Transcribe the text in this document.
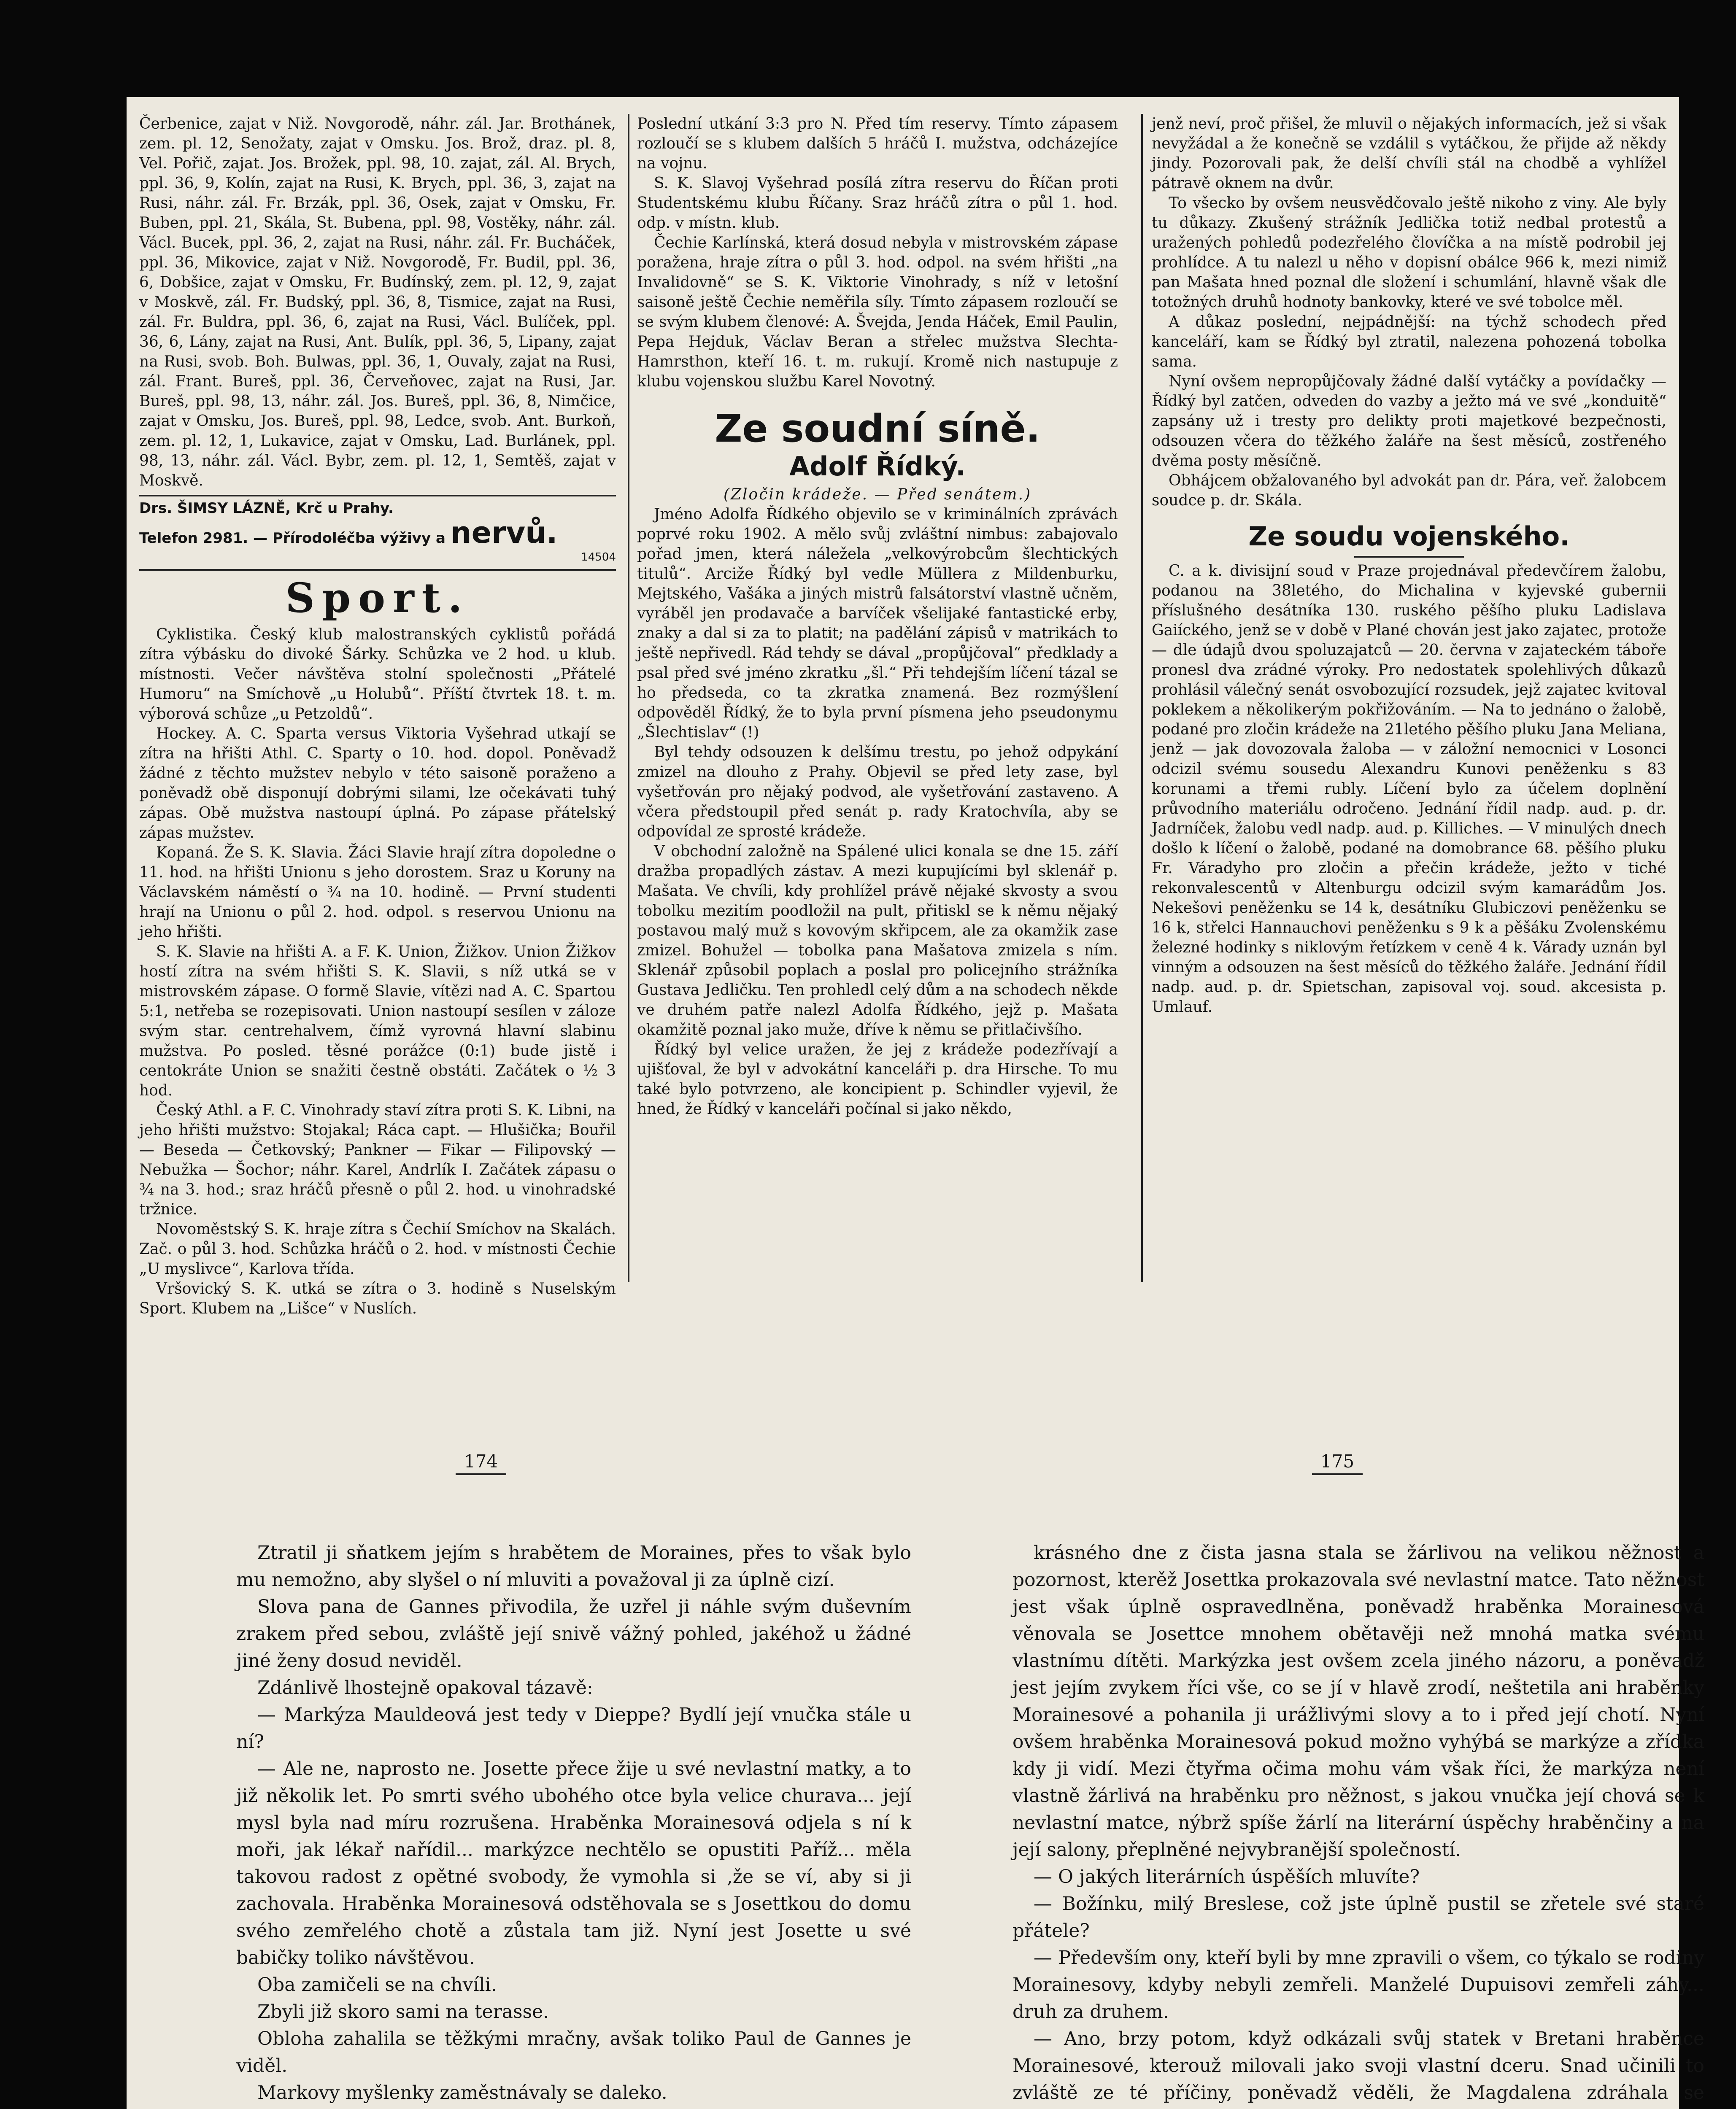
Čerbenice, zajat v Niž. Novgorodě, náhr. zál. Jar. Brothánek, zem. pl. 12, Senožaty, zajat v Omsku. Jos. Brož, draz. pl. 8, Vel. Pořič, zajat. Jos. Brožek, ppl. 98, 10. zajat, zál. Al. Brych, ppl. 36, 9, Kolín, zajat na Rusi, K. Brych, ppl. 36, 3, zajat na Rusi, náhr. zál. Fr. Brzák, ppl. 36, Osek, zajat v Omsku, Fr. Buben, ppl. 21, Skála, St. Bubena, ppl. 98, Vostěky, náhr. zál. Václ. Bucek, ppl. 36, 2, zajat na Rusi, náhr. zál. Fr. Bucháček, ppl. 36, Mikovice, zajat v Niž. Novgorodě, Fr. Budil, ppl. 36, 6, Dobšice, zajat v Omsku, Fr. Budínský, zem. pl. 12, 9, zajat v Moskvě, zál. Fr. Budský, ppl. 36, 8, Tismice, zajat na Rusi, zál. Fr. Buldra, ppl. 36, 6, zajat na Rusi, Václ. Bulíček, ppl. 36, 6, Lány, zajat na Rusi, Ant. Bulík, ppl. 36, 5, Lipany, zajat na Rusi, svob. Boh. Bulwas, ppl. 36, 1, Ouvaly, zajat na Rusi, zál. Frant. Bureš, ppl. 36, Červeňovec, zajat na Rusi, Jar. Bureš, ppl. 98, 13, náhr. zál. Jos. Bureš, ppl. 36, 8, Nimčice, zajat v Omsku, Jos. Bureš, ppl. 98, Ledce, svob. Ant. Burkoň, zem. pl. 12, 1, Lukavice, zajat v Omsku, Lad. Burlánek, ppl. 98, 13, náhr. zál. Václ. Bybr, zem. pl. 12, 1, Semtěš, zajat v Moskvě.

Drs. ŠIMSY LÁZNĚ, Krč u Prahy.
Telefon 2981. — Přírodoléčba výživy a nervů.
14504
Sport.

Cyklistika. Český klub malostranských cyklistů pořádá zítra výbásku do divoké Šárky. Schůzka ve 2 hod. u klub. místnosti. Večer návštěva stolní společnosti „Přátelé Humoru“ na Smíchově „u Holubů“. Příští čtvrtek 18. t. m. výborová schůze „u Petzoldů“.

Hockey. A. C. Sparta versus Viktoria Vyšehrad utkají se zítra na hřišti Athl. C. Sparty o 10. hod. dopol. Poněvadž žádné z těchto mužstev nebylo v této saisoně poraženo a poněvadž obě disponují dobrými silami, lze očekávati tuhý zápas. Obě mužstva nastoupí úplná. Po zápase přátelský zápas mužstev.

Kopaná. Že S. K. Slavia. Žáci Slavie hrají zítra dopoledne o 11. hod. na hřišti Unionu s jeho dorostem. Sraz u Koruny na Václavském náměstí o ¾ na 10. hodině. — První studenti hrají na Unionu o půl 2. hod. odpol. s reservou Unionu na jeho hřišti.

S. K. Slavie na hřišti A. a F. K. Union, Žižkov. Union Žižkov hostí zítra na svém hřišti S. K. Slavii, s níž utká se v mistrovském zápase. O formě Slavie, vítězi nad A. C. Spartou 5:1, netřeba se rozepisovati. Union nastoupí sesílen v záloze svým star. centrehalvem, čímž vyrovná hlavní slabinu mužstva. Po posled. těsné porážce (0:1) bude jistě i centokráte Union se snažiti čestně obstáti. Začátek o ½ 3 hod.

Český Athl. a F. C. Vinohrady staví zítra proti S. K. Libni, na jeho hřišti mužstvo: Stojakal; Ráca capt. — Hlušička; Bouřil — Beseda — Četkovský; Pankner — Fikar — Filipovský — Nebužka — Šochor; náhr. Karel, Andrlík I. Začátek zápasu o ¾ na 3. hod.; sraz hráčů přesně o půl 2. hod. u vinohradské tržnice.

Novoměstský S. K. hraje zítra s Čechií Smíchov na Skalách. Zač. o půl 3. hod. Schůzka hráčů o 2. hod. v místnosti Čechie „U myslivce“, Karlova třída.

Vršovický S. K. utká se zítra o 3. hodině s Nuselským Sport. Klubem na „Lišce“ v Nuslích.

Poslední utkání 3:3 pro N. Před tím reservy. Tímto zápasem rozloučí se s klubem dalších 5 hráčů I. mužstva, odcházejíce na vojnu.

S. K. Slavoj Vyšehrad posílá zítra reservu do Říčan proti Studentskému klubu Říčany. Sraz hráčů zítra o půl 1. hod. odp. v místn. klub.

Čechie Karlínská, která dosud nebyla v mistrovském zápase poražena, hraje zítra o půl 3. hod. odpol. na svém hřišti „na Invalidovně“ se S. K. Viktorie Vinohrady, s níž v letošní saisoně ještě Čechie neměřila síly. Tímto zápasem rozloučí se se svým klubem členové: A. Švejda, Jenda Háček, Emil Paulin, Pepa Hejduk, Václav Beran a střelec mužstva Slechta-Hamrsthon, kteří 16. t. m. rukují. Kromě nich nastupuje z klubu vojenskou službu Karel Novotný.

Ze soudní síně.
Adolf Řídký.
(Zločin krádeže. — Před senátem.)

Jméno Adolfa Řídkého objevilo se v kriminálních zprávách poprvé roku 1902. A mělo svůj zvláštní nimbus: zabajovalo pořad jmen, která náležela „velkovýrobcům šlechtických titulů“. Arciže Řídký byl vedle Müllera z Mildenburku, Mejtského, Vašáka a jiných mistrů falsátorství vlastně učněm, vyráběl jen prodavače a barvíček všelijaké fantastické erby, znaky a dal si za to platit; na padělání zápisů v matrikách to ještě nepřivedl. Rád tehdy se dával „propůjčoval“ předklady a psal před své jméno zkratku „šl.“ Při tehdejším líčení tázal se ho předseda, co ta zkratka znamená. Bez rozmýšlení odpověděl Řídký, že to byla první písmena jeho pseudonymu „Šlechtislav“ (!)

Byl tehdy odsouzen k delšímu trestu, po jehož odpykání zmizel na dlouho z Prahy. Objevil se před lety zase, byl vyšetřován pro nějaký podvod, ale vyšetřování zastaveno. A včera předstoupil před senát p. rady Kratochvíla, aby se odpovídal ze sprosté krádeže.

V obchodní založně na Spálené ulici konala se dne 15. září dražba propadlých zástav. A mezi kupujícími byl sklenář p. Mašata. Ve chvíli, kdy prohlížel právě nějaké skvosty a svou tobolku mezitím poodložil na pult, přitiskl se k němu nějaký postavou malý muž s kovovým skřipcem, ale za okamžik zase zmizel. Bohužel — tobolka pana Mašatova zmizela s ním. Sklenář způsobil poplach a poslal pro policejního strážníka Gustava Jedličku. Ten prohledl celý dům a na schodech někde ve druhém patře nalezl Adolfa Řídkého, jejž p. Mašata okamžitě poznal jako muže, dříve k němu se přitlačivšího.

Řídký byl velice uražen, že jej z krádeže podezřívají a ujišťoval, že byl v advokátní kanceláři p. dra Hirsche. To mu také bylo potvrzeno, ale koncipient p. Schindler vyjevil, že hned, že Řídký v kanceláři počínal si jako někdo,

jenž neví, proč přišel, že mluvil o nějakých informacích, jež si však nevyžádal a že konečně se vzdálil s vytáčkou, že přijde až někdy jindy. Pozorovali pak, že delší chvíli stál na chodbě a vyhlížel pátravě oknem na dvůr.

To všecko by ovšem neusvědčovalo ještě nikoho z viny. Ale byly tu důkazy. Zkušený strážník Jedlička totiž nedbal protestů a uražených pohledů podezřelého človíčka a na místě podrobil jej prohlídce. A tu nalezl u něho v dopisní obálce 966 k, mezi nimiž pan Mašata hned poznal dle složení i schumlání, hlavně však dle totožných druhů hodnoty bankovky, které ve své tobolce měl.

A důkaz poslední, nejpádnější: na týchž schodech před kanceláří, kam se Řídký byl ztratil, nalezena pohozená tobolka sama.

Nyní ovšem nepropůjčovaly žádné další vytáčky a povídačky — Řídký byl zatčen, odveden do vazby a ježto má ve své „konduitě“ zapsány už i tresty pro delikty proti majetkové bezpečnosti, odsouzen včera do těžkého žaláře na šest měsíců, zostřeného dvěma posty měsíčně.

Obhájcem obžalovaného byl advokát pan dr. Pára, veř. žalobcem soudce p. dr. Skála.

Ze soudu vojenského.

C. a k. divisijní soud v Praze projednával předevčírem žalobu, podanou na 38letého, do Michalina v kyjevské gubernii příslušného desátníka 130. ruského pěšího pluku Ladislava Gaiíckého, jenž se v době v Plané chován jest jako zajatec, protože — dle údajů dvou spoluzajatců — 20. června v zajateckém táboře pronesl dva zrádné výroky. Pro nedostatek spolehlivých důkazů prohlásil válečný senát osvobozující rozsudek, jejž zajatec kvitoval poklekem a několikerým pokřižováním. — Na to jednáno o žalobě, podané pro zločin krádeže na 21letého pěšího pluku Jana Meliana, jenž — jak dovozovala žaloba — v záložní nemocnici v Losonci odcizil svému sousedu Alexandru Kunovi peněženku s 83 korunami a třemi rubly. Líčení bylo za účelem doplnění průvodního materiálu odročeno. Jednání řídil nadp. aud. p. dr. Jadrníček, žalobu vedl nadp. aud. p. Killiches. — V minulých dnech došlo k líčení o žalobě, podané na domobrance 68. pěšího pluku Fr. Váradyho pro zločin a přečin krádeže, ježto v tiché rekonvalescentů v Altenburgu odcizil svým kamarádům Jos. Nekešovi peněženku se 14 k, desátníku Glubiczovi peněženku se 16 k, střelci Hannauchovi peněženku s 9 k a pěšáku Zvolenskému železné hodinky s niklovým řetízkem v ceně 4 k. Várady uznán byl vinným a odsouzen na šest měsíců do těžkého žaláře. Jednání řídil nadp. aud. p. dr. Spietschan, zapisoval voj. soud. akcesista p. Umlauf.

174	175

Ztratil ji sňatkem jejím s hrabětem de Moraines, přes to však bylo mu nemožno, aby slyšel o ní mluviti a považoval ji za úplně cizí.

Slova pana de Gannes přivodila, že uzřel ji náhle svým duševním zrakem před sebou, zvláště její snivě vážný pohled, jakéhož u žádné jiné ženy dosud neviděl.

Zdánlivě lhostejně opakoval tázavě:

— Markýza Mauldeová jest tedy v Dieppe? Bydlí její vnučka stále u ní?

— Ale ne, naprosto ne. Josette přece žije u své nevlastní matky, a to již několik let. Po smrti svého ubohého otce byla velice churava... její mysl byla nad míru rozrušena. Hraběnka Morainesová odjela s ní k moři, jak lékař nařídil... markýzce nechtělo se opustiti Paříž... měla takovou radost z opětné svobody, že vymohla si ,že se ví, aby si ji zachovala. Hraběnka Morainesová odstěhovala se s Josettkou do domu svého zemřelého chotě a zůstala tam již. Nyní jest Josette u své babičky toliko návštěvou.

Oba zamičeli se na chvíli.

Zbyli již skoro sami na terasse.

Obloha zahalila se těžkými mračny, avšak toliko Paul de Gannes je viděl.

Markovy myšlenky zaměstnávaly se daleko.

krásného dne z čista jasna stala se žárlivou na velikou něžnost a pozornost, kterěž Josettka prokazovala své nevlastní matce. Tato něžnost jest však úplně ospravedlněna, poněvadž hraběnka Morainesová věnovala se Josettce mnohem obětavěji než mnohá matka svému vlastnímu dítěti. Markýzka jest ovšem zcela jiného názoru, a poněvadž jest jejím zvykem říci vše, co se jí v hlavě zrodí, neštetila ani hraběnky Morainesové a pohanila ji urážlivými slovy a to i před její chotí. Nyní ovšem hraběnka Morainesová pokud možno vyhýbá se markýze a zřídka kdy ji vidí. Mezi čtyřma očima mohu vám však říci, že markýza není vlastně žárlivá na hraběnku pro něžnost, s jakou vnučka její chová se k nevlastní matce, nýbrž spíše žárlí na literární úspěchy hraběnčiny a na její salony, přeplněné nejvybranější společností.

— O jakých literárních úspěších mluvíte?

— Božínku, milý Breslese, což jste úplně pustil se zřetele své staré přátele?

— Především ony, kteří byli by mne zpravili o všem, co týkalo se rodiny Morainesovy, kdyby nebyli zemřeli. Manželé Dupuisovi zemřeli záhy... druh za druhem.

— Ano, brzy potom, když odkázali svůj statek v Bretani hraběnce Morainesové, kterouž milovali jako svoji vlastní dceru. Snad učinili to zvláště ze té příčiny, poněvadž věděli, že Magdalena zdráhala se
